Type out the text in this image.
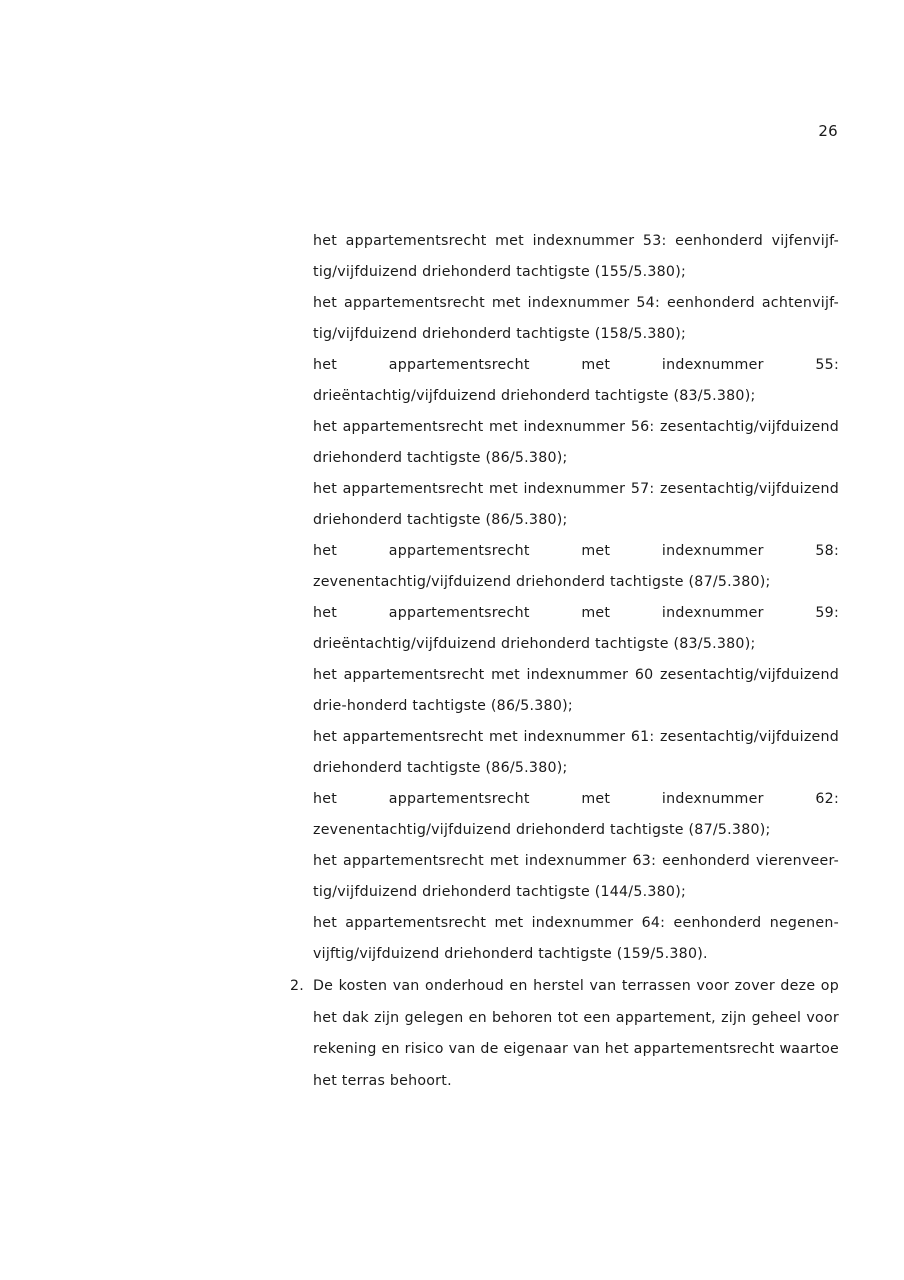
26
het appartementsrecht met indexnummer 53: eenhonderd vijfenvijf-tig/vijfduizend driehonderd tachtigste (155/5.380);
het appartementsrecht met indexnummer 54: eenhonderd achtenvijf-tig/vijfduizend driehonderd tachtigste (158/5.380);
het appartementsrecht met indexnummer 55: drieëntachtig/vijfduizend driehonderd tachtigste (83/5.380);
het appartementsrecht met indexnummer 56: zesentachtig/vijfduizend driehonderd tachtigste (86/5.380);
het appartementsrecht met indexnummer 57: zesentachtig/vijfduizend driehonderd tachtigste (86/5.380);
het appartementsrecht met indexnummer 58: zevenentachtig/vijfduizend driehonderd tachtigste (87/5.380);
het appartementsrecht met indexnummer 59: drieëntachtig/vijfduizend driehonderd tachtigste (83/5.380);
het appartementsrecht met indexnummer 60 zesentachtig/vijfduizend drie-honderd tachtigste (86/5.380);
het appartementsrecht met indexnummer 61: zesentachtig/vijfduizend driehonderd tachtigste (86/5.380);
het appartementsrecht met indexnummer 62: zevenentachtig/vijfduizend driehonderd tachtigste (87/5.380);
het appartementsrecht met indexnummer 63: eenhonderd vierenveer-tig/vijfduizend driehonderd tachtigste (144/5.380);
het appartementsrecht met indexnummer 64: eenhonderd negenen-vijftig/vijfduizend driehonderd tachtigste (159/5.380).
2. De kosten van onderhoud en herstel van terrassen voor zover deze op het dak zijn gelegen en behoren tot een appartement, zijn geheel voor rekening en risico van de eigenaar van het appartementsrecht waartoe het terras behoort.
